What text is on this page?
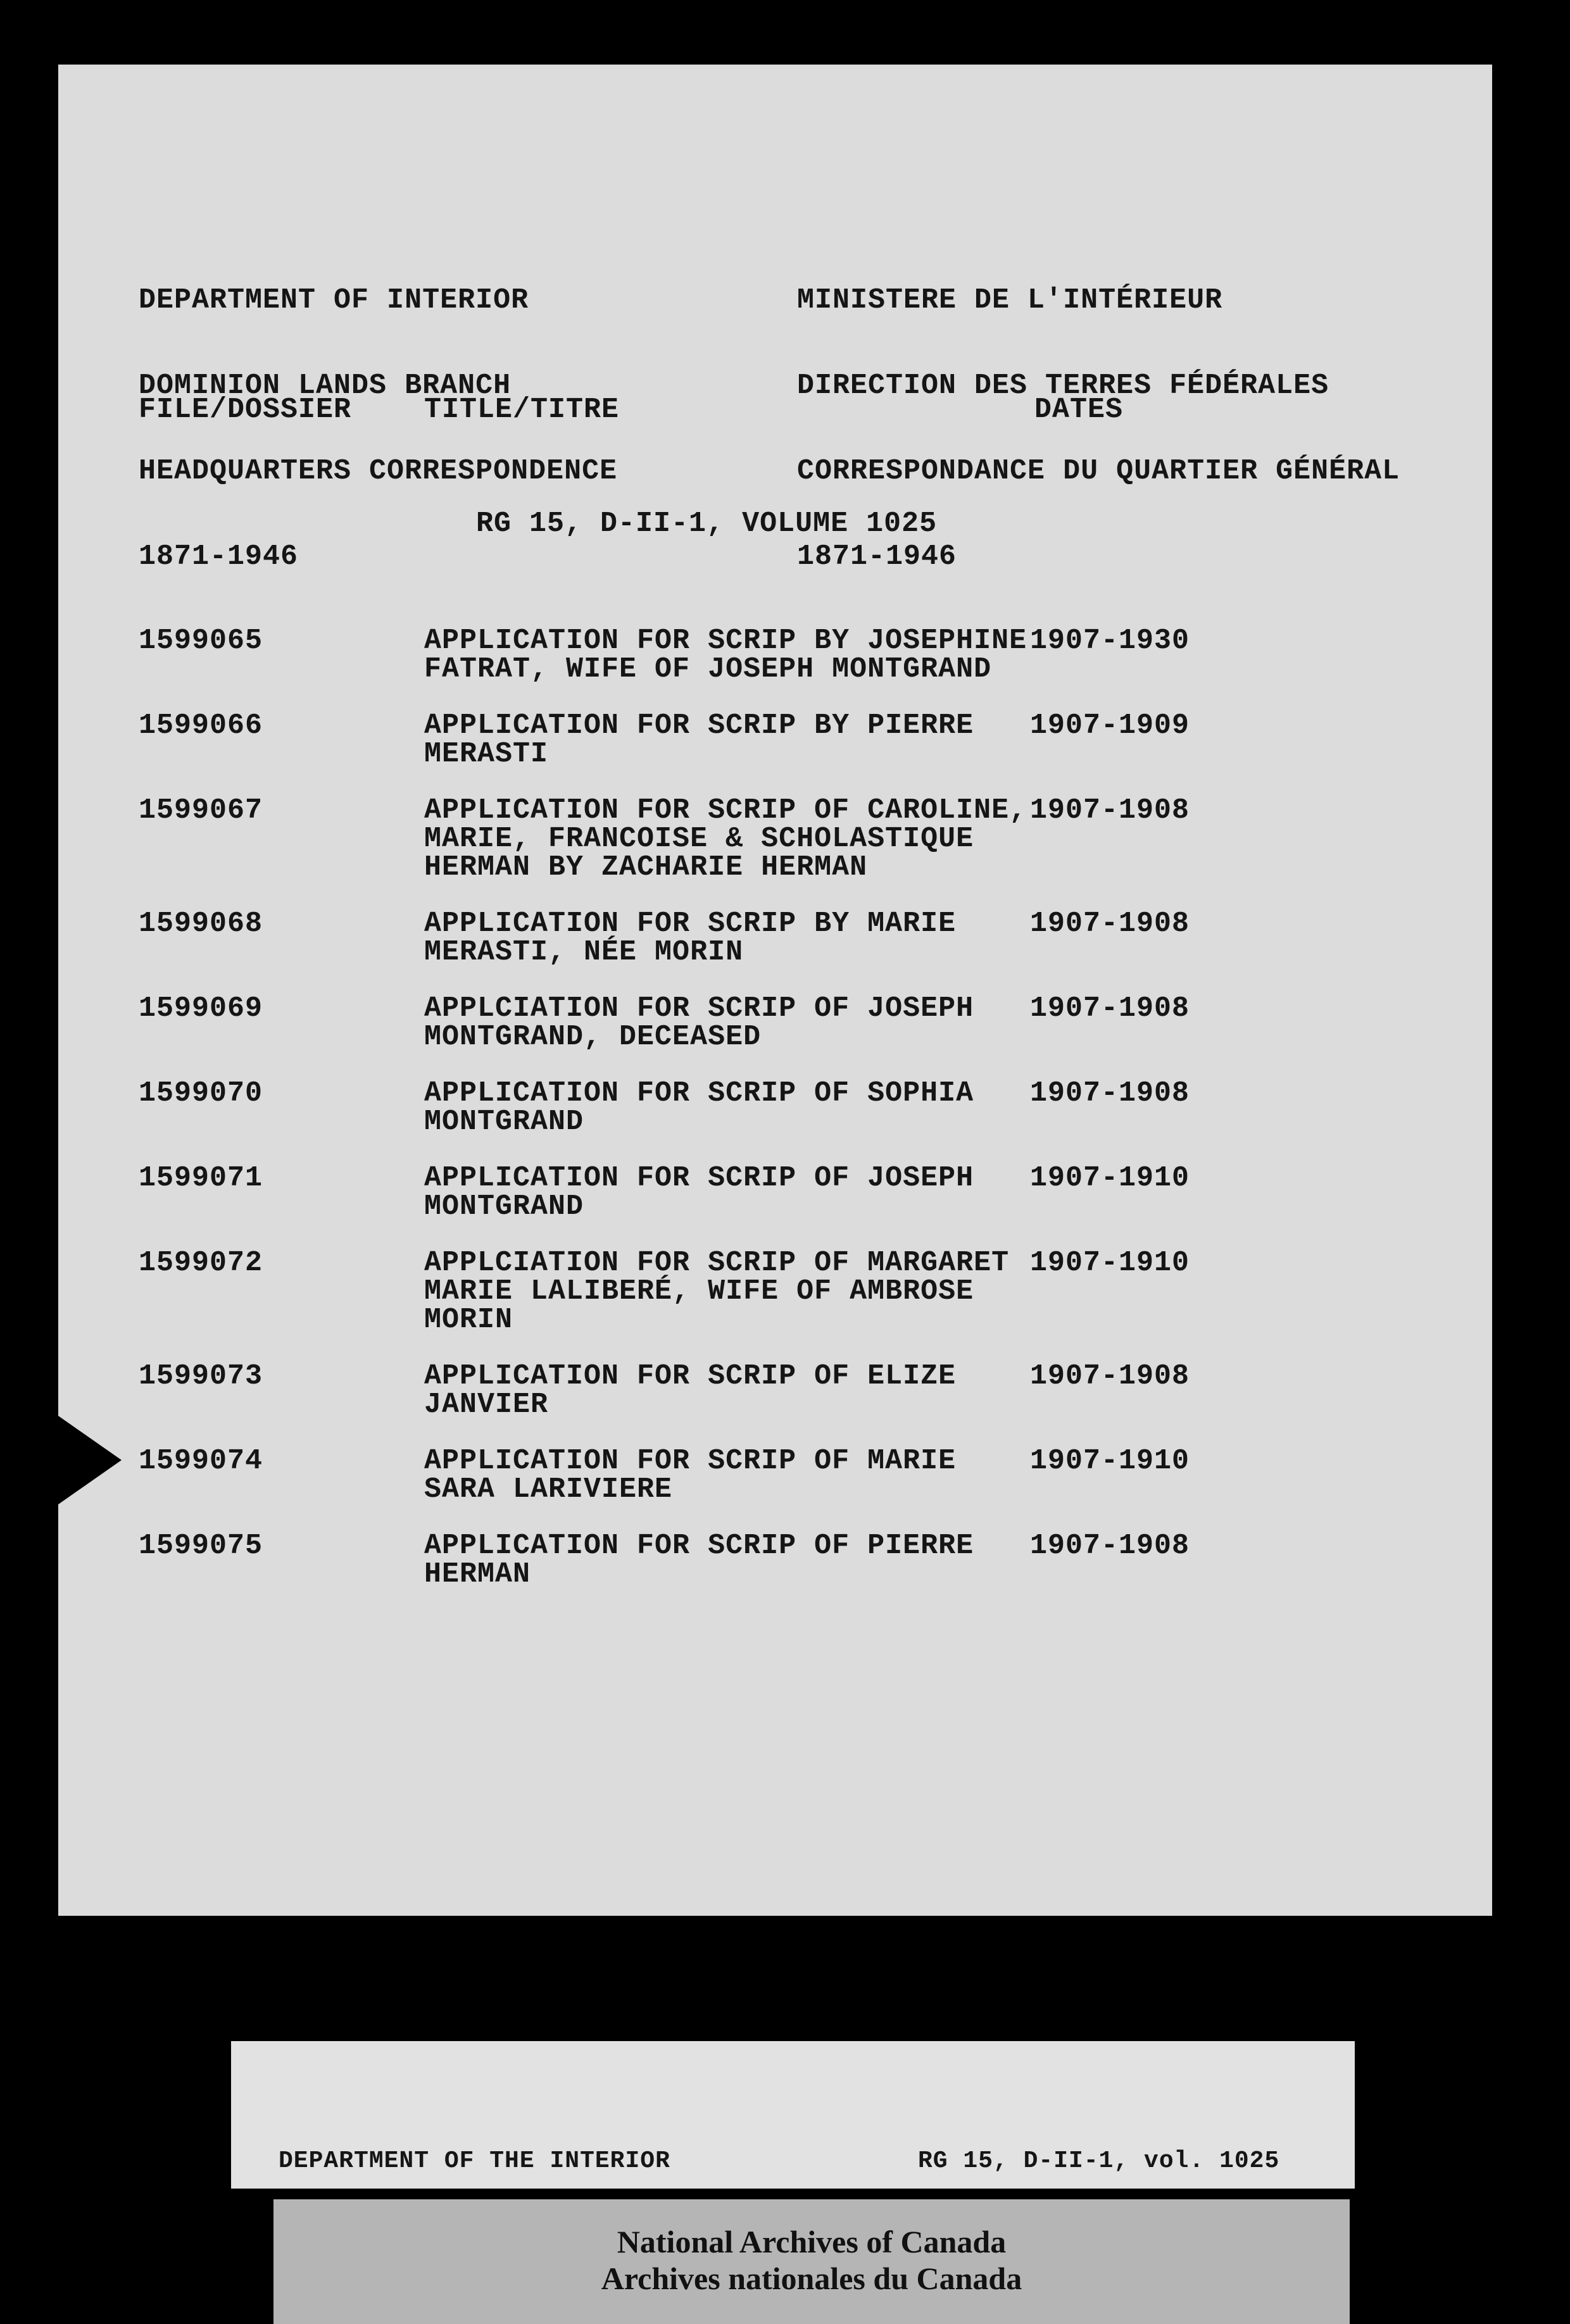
DEPARTMENT OF INTERIOR

DOMINION LANDS BRANCH

HEADQUARTERS CORRESPONDENCE

1871-1946

MINISTERE DE L'INTÉRIEUR

DIRECTION DES TERRES FÉDÉRALES

CORRESPONDANCE DU QUARTIER GÉNÉRAL

1871-1946

FILE/DOSSIER	TITLE/TITRE	DATES
RG 15, D-II-1, VOLUME 1025
1599065	APPLICATION FOR SCRIP BY JOSEPHINE
FATRAT, WIFE OF JOSEPH MONTGRAND
1907-1930
1599066	APPLICATION FOR SCRIP BY PIERRE
MERASTI
1907-1909
1599067	APPLICATION FOR SCRIP OF CAROLINE,
MARIE, FRANCOISE & SCHOLASTIQUE
HERMAN BY ZACHARIE HERMAN
1907-1908
1599068	APPLICATION FOR SCRIP BY MARIE
MERASTI, NÉE MORIN
1907-1908
1599069	APPLCIATION FOR SCRIP OF JOSEPH
MONTGRAND, DECEASED
1907-1908
1599070	APPLICATION FOR SCRIP OF SOPHIA
MONTGRAND
1907-1908
1599071	APPLICATION FOR SCRIP OF JOSEPH
MONTGRAND
1907-1910
1599072	APPLCIATION FOR SCRIP OF MARGARET
MARIE LALIBERÉ, WIFE OF AMBROSE
MORIN
1907-1910
1599073	APPLICATION FOR SCRIP OF ELIZE
JANVIER
1907-1908
1599074	APPLICATION FOR SCRIP OF MARIE
SARA LARIVIERE
1907-1910
1599075	APPLICATION FOR SCRIP OF PIERRE
HERMAN
1907-1908

DEPARTMENT OF THE INTERIOR

	RG 15, D-II-1, vol. 1025

National Archives of Canada
Archives nationales du Canada
